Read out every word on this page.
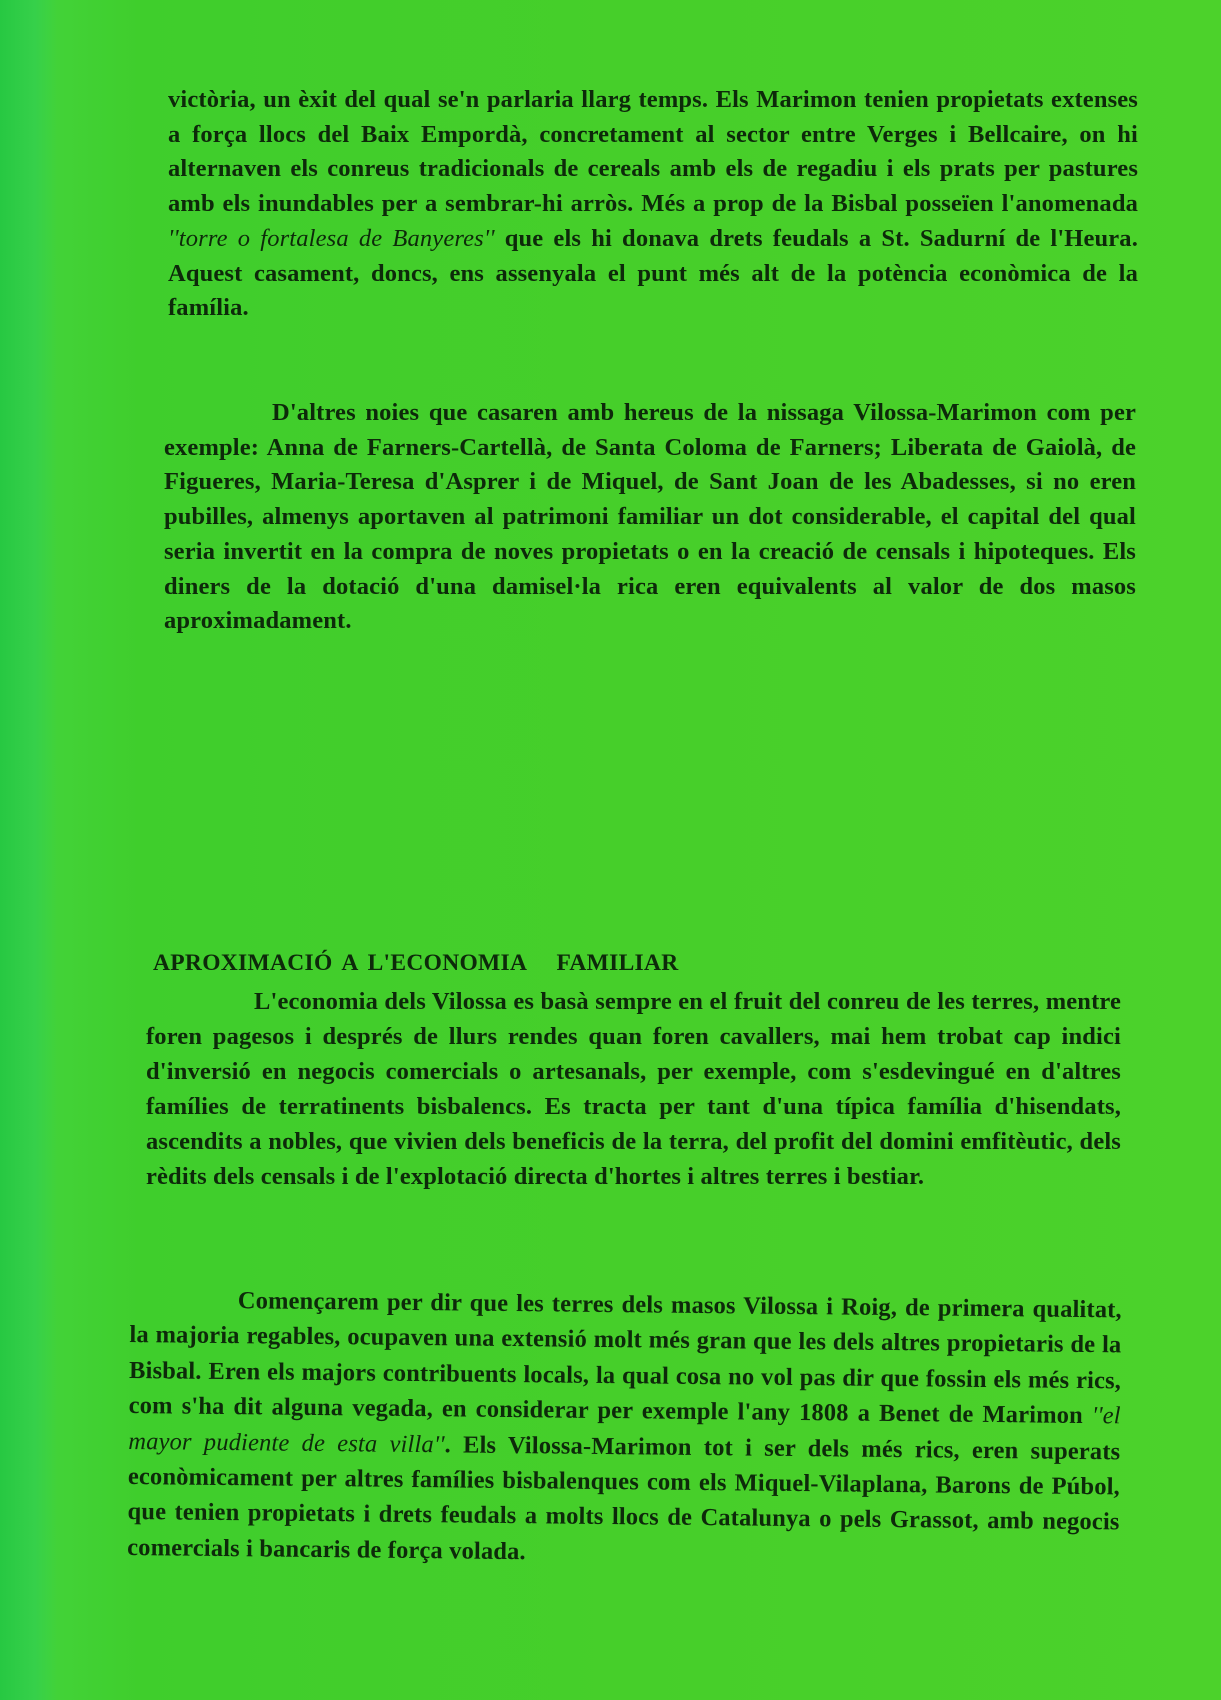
victòria, un èxit del qual se'n parlaria llarg temps. Els Marimon tenien propietats extenses a força llocs del Baix Empordà, concretament al sector entre Verges i Bellcaire, on hi alternaven els conreus tradicionals de cereals amb els de regadiu i els prats per pastures amb els inundables per a sembrar-hi arròs. Més a prop de la Bisbal posseïen l'anomenada ''torre o fortalesa de Banyeres'' que els hi donava drets feudals a St. Sadurní de l'Heura. Aquest casament, doncs, ens assenyala el punt més alt de la potència econòmica de la família.

D'altres noies que casaren amb hereus de la nissaga Vilossa-Marimon com per exemple: Anna de Farners-Cartellà, de Santa Coloma de Farners; Liberata de Gaiolà, de Figueres, Maria-Teresa d'Asprer i de Miquel, de Sant Joan de les Abadesses, si no eren pubilles, almenys aportaven al patrimoni familiar un dot considerable, el capital del qual seria invertit en la compra de noves propietats o en la creació de censals i hipoteques. Els diners de la dotació d'una damisel·la rica eren equivalents al valor de dos masos aproximadament.

APROXIMACIÓ A L'ECONOMIA   FAMILIAR

L'economia dels Vilossa es basà sempre en el fruit del conreu de les terres, mentre foren pagesos i després de llurs rendes quan foren cavallers, mai hem trobat cap indici d'inversió en negocis comercials o artesanals, per exemple, com s'esdevingué en d'altres famílies de terratinents bisbalencs. Es tracta per tant d'una típica família d'hisendats, ascendits a nobles, que vivien dels beneficis de la terra, del profit del domini emfitèutic, dels rèdits dels censals i de l'explotació directa d'hortes i altres terres i bestiar.

Començarem per dir que les terres dels masos Vilossa i Roig, de primera qualitat, la majoria regables, ocupaven una extensió molt més gran que les dels altres propietaris de la Bisbal. Eren els majors contribuents locals, la qual cosa no vol pas dir que fossin els més rics, com s'ha dit alguna vegada, en considerar per exemple l'any 1808 a Benet de Marimon ''el mayor pudiente de esta villa''. Els Vilossa-Marimon tot i ser dels més rics, eren superats econòmicament per altres famílies bisbalenques com els Miquel-Vilaplana, Barons de Púbol, que tenien propietats i drets feudals a molts llocs de Catalunya o pels Grassot, amb negocis comercials i bancaris de força volada.
